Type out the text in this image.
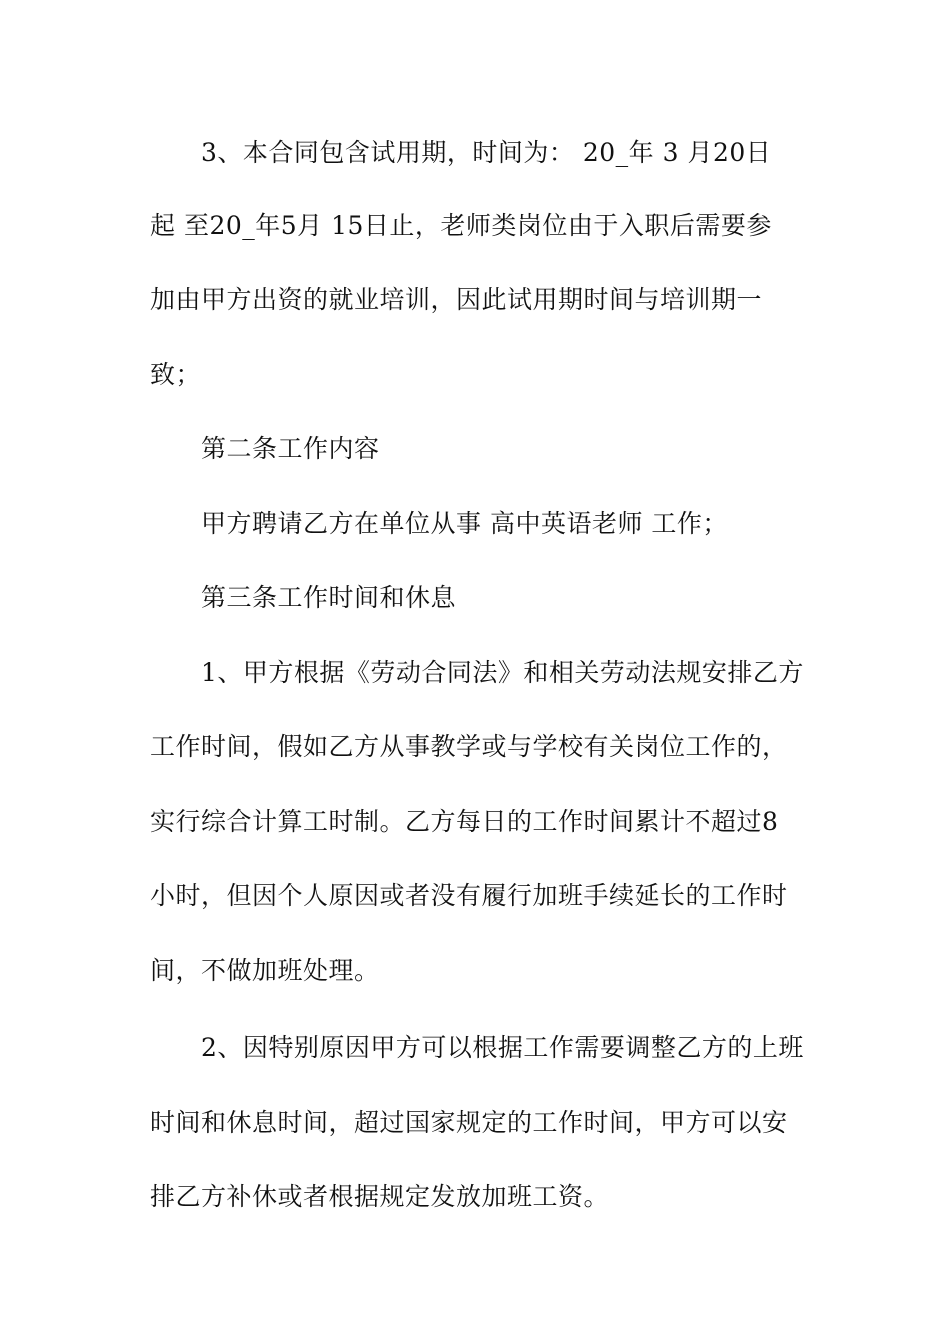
3、本合同包含试用期，时间为： 20_年 3 月20日

起 至20_年5月 15日止，老师类岗位由于入职后需要参

加由甲方出资的就业培训，因此试用期时间与培训期一

致；

第二条工作内容

甲方聘请乙方在单位从事 高中英语老师 工作；

第三条工作时间和休息

1、甲方根据《劳动合同法》和相关劳动法规安排乙方

工作时间，假如乙方从事教学或与学校有关岗位工作的，

实行综合计算工时制。乙方每日的工作时间累计不超过8

小时，但因个人原因或者没有履行加班手续延长的工作时

间，不做加班处理。

2、因特别原因甲方可以根据工作需要调整乙方的上班

时间和休息时间，超过国家规定的工作时间，甲方可以安

排乙方补休或者根据规定发放加班工资。
